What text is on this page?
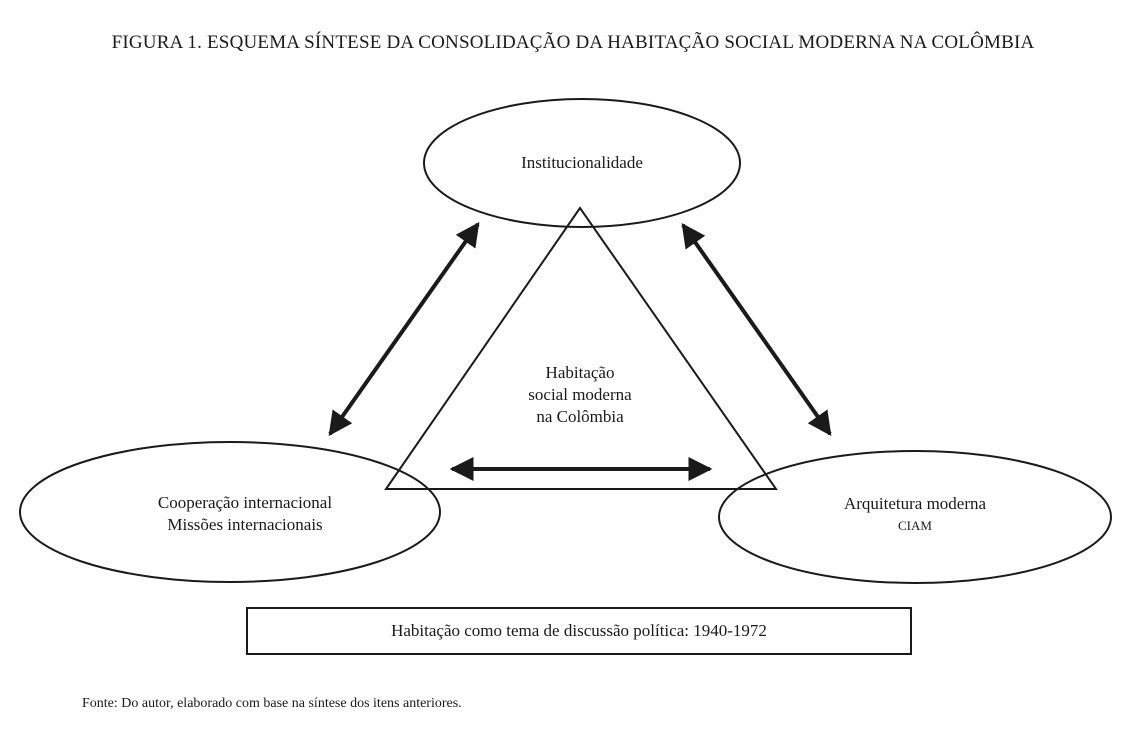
FIGURA 1. ESQUEMA SÍNTESE DA CONSOLIDAÇÃO DA HABITAÇÃO SOCIAL MODERNA NA COLÔMBIA
Institucionalidade
Cooperação internacional
Missões internacionais
Arquitetura moderna
CIAM
Habitação
social moderna
na Colômbia
Habitação como tema de discussão política: 1940-1972
Fonte: Do autor, elaborado com base na síntese dos itens anteriores.
